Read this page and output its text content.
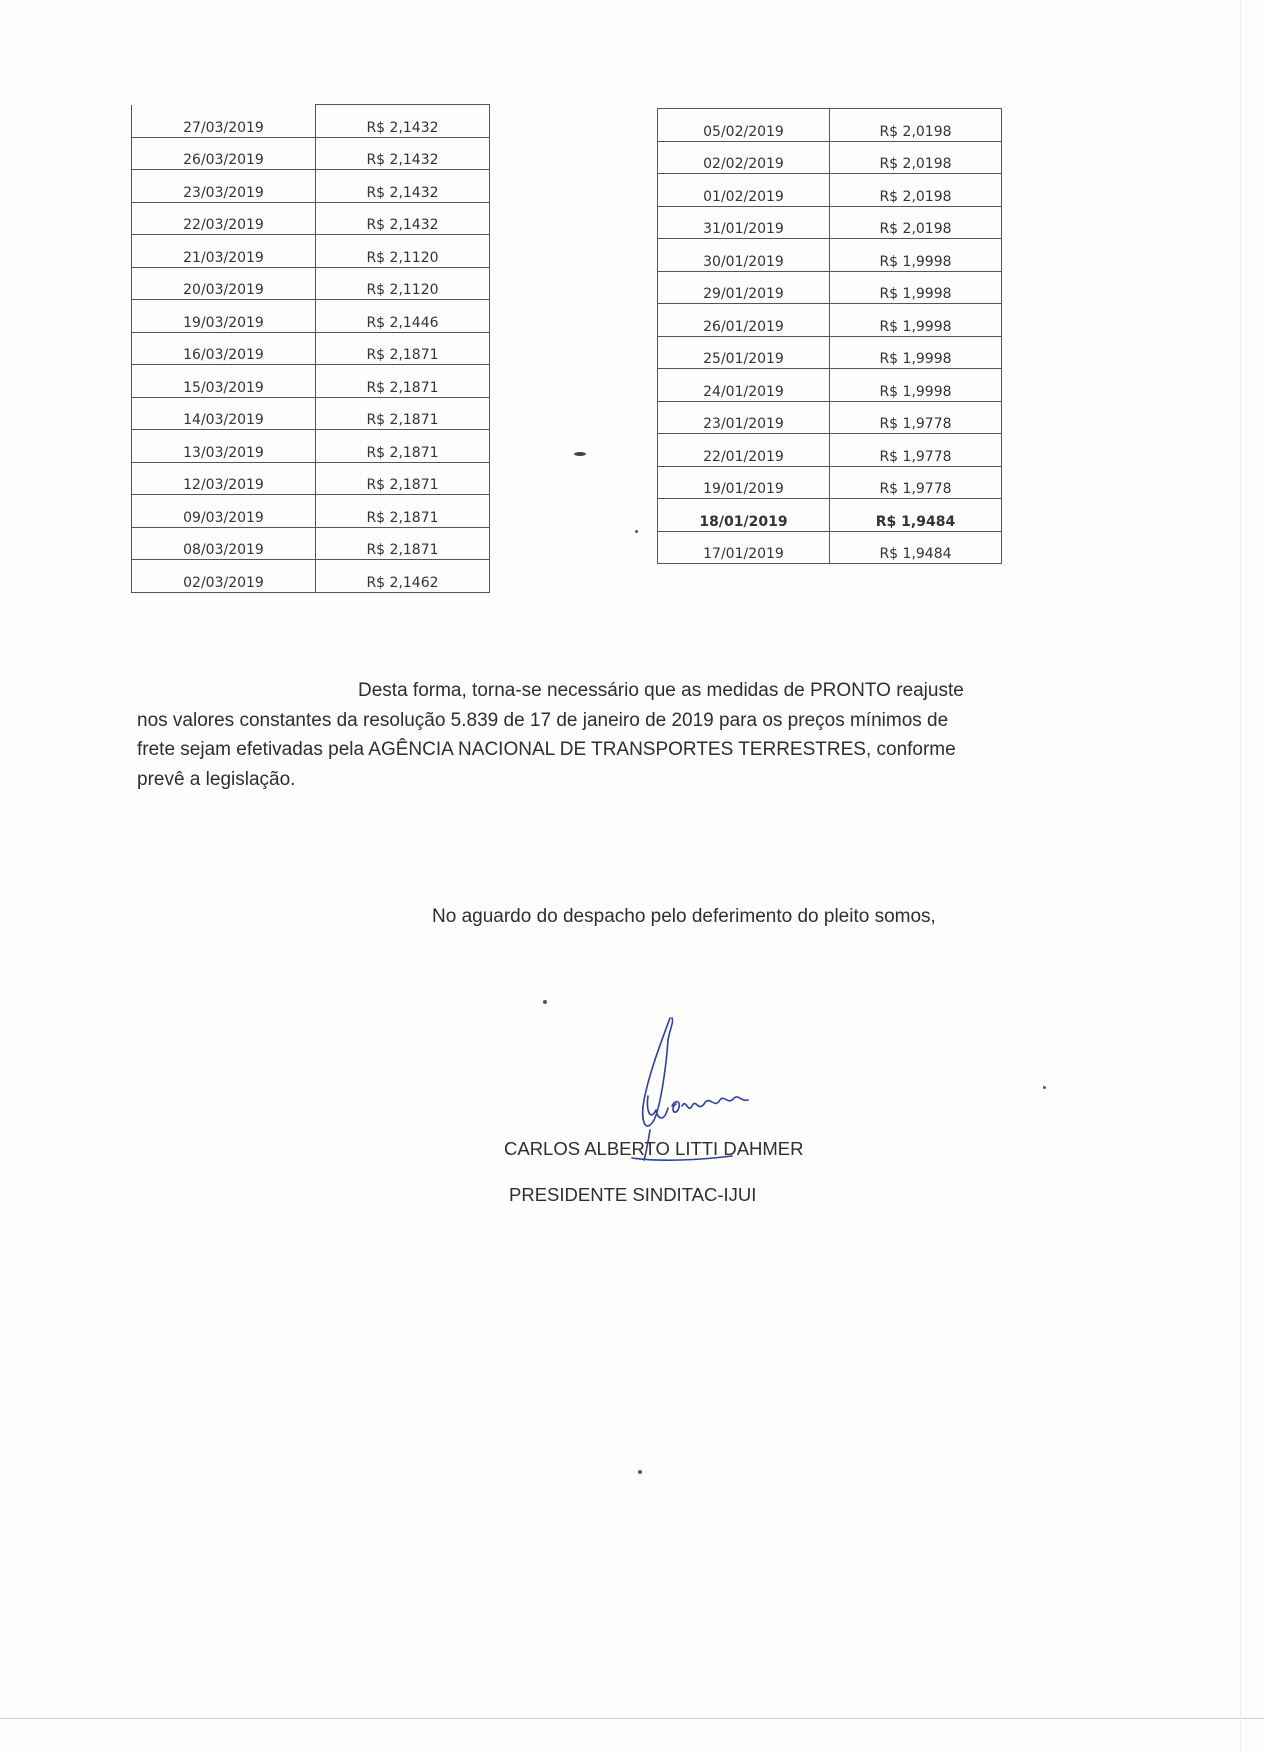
27/03/2019	R$ 2,1432
26/03/2019	R$ 2,1432
23/03/2019	R$ 2,1432
22/03/2019	R$ 2,1432
21/03/2019	R$ 2,1120
20/03/2019	R$ 2,1120
19/03/2019	R$ 2,1446
16/03/2019	R$ 2,1871
15/03/2019	R$ 2,1871
14/03/2019	R$ 2,1871
13/03/2019	R$ 2,1871
12/03/2019	R$ 2,1871
09/03/2019	R$ 2,1871
08/03/2019	R$ 2,1871
02/03/2019	R$ 2,1462
05/02/2019	R$ 2,0198
02/02/2019	R$ 2,0198
01/02/2019	R$ 2,0198
31/01/2019	R$ 2,0198
30/01/2019	R$ 1,9998
29/01/2019	R$ 1,9998
26/01/2019	R$ 1,9998
25/01/2019	R$ 1,9998
24/01/2019	R$ 1,9998
23/01/2019	R$ 1,9778
22/01/2019	R$ 1,9778
19/01/2019	R$ 1,9778
18/01/2019	R$ 1,9484
17/01/2019	R$ 1,9484
Desta forma, torna-se necessário que as medidas de PRONTO reajuste
nos valores constantes da resolução 5.839 de 17 de janeiro de 2019 para os preços mínimos de
frete sejam efetivadas pela AGÊNCIA NACIONAL DE TRANSPORTES TERRESTRES, conforme
prevê a legislação.
No aguardo do despacho pelo deferimento do pleito somos,
CARLOS ALBERTO LITTI DAHMER
PRESIDENTE SINDITAC-IJUI
